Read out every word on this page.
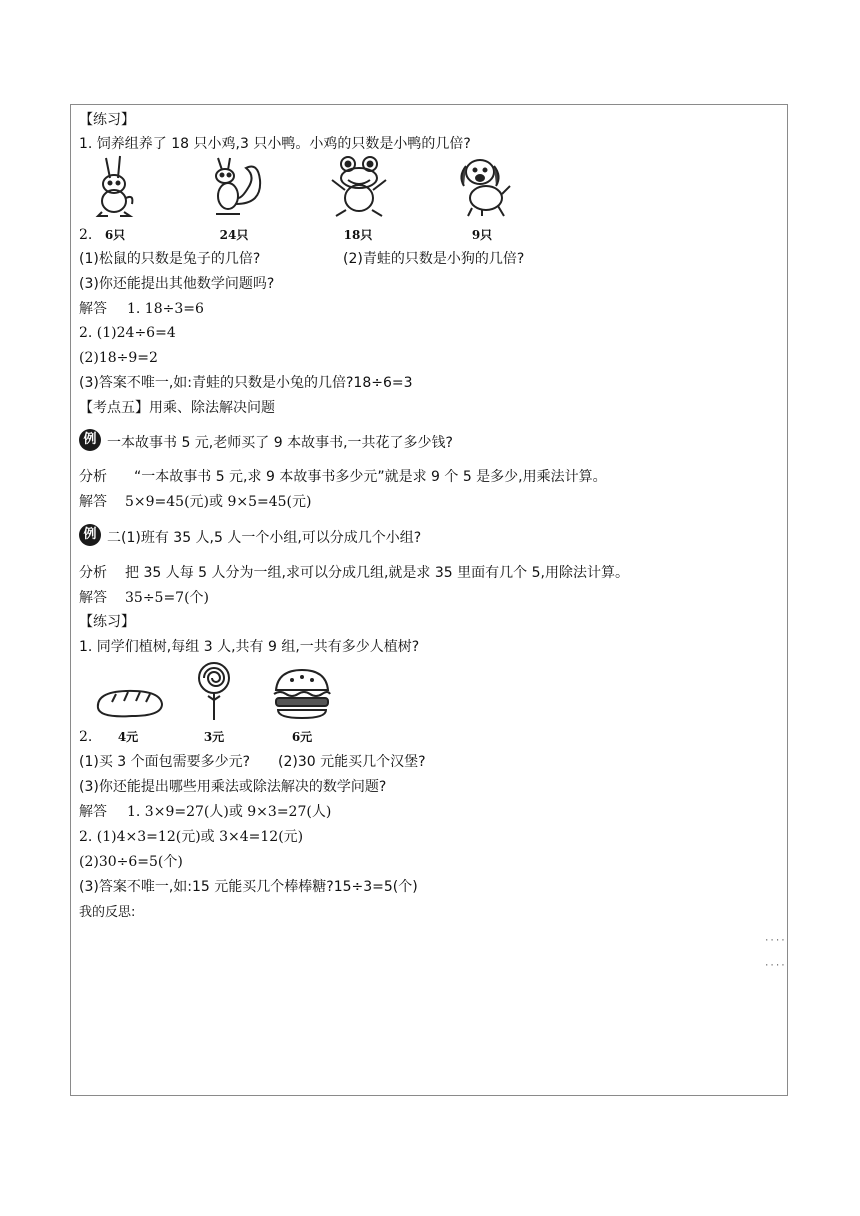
【练习】
1. 饲养组养了 18 只小鸡,3 只小鸭。小鸡的只数是小鸭的几倍?
2.	6只	24只	18只	9只
(1)松鼠的只数是兔子的几倍?	(2)青蛙的只数是小狗的几倍?
(3)你还能提出其他数学问题吗?
解答 1. 18÷3=6
2. (1)24÷6=4
(2)18÷9=2
(3)答案不唯一,如:青蛙的只数是小兔的几倍?18÷6=3
【考点五】用乘、除法解决问题
例 一本故事书 5 元,老师买了 9 本故事书,一共花了多少钱?
分析 “一本故事书 5 元,求 9 本故事书多少元”就是求 9 个 5 是多少,用乘法计算。
解答 5×9=45(元)或 9×5=45(元)
例 二(1)班有 35 人,5 人一个小组,可以分成几个小组?
分析 把 35 人每 5 人分为一组,求可以分成几组,就是求 35 里面有几个 5,用除法计算。
解答 35÷5=7(个)
【练习】
1. 同学们植树,每组 3 人,共有 9 组,一共有多少人植树?
2.	4元	3元	6元
(1)买 3 个面包需要多少元? (2)30 元能买几个汉堡?
(3)你还能提出哪些用乘法或除法解决的数学问题?
解答 1. 3×9=27(人)或 9×3=27(人)
2. (1)4×3=12(元)或 3×4=12(元)
(2)30÷6=5(个)
(3)答案不唯一,如:15 元能买几个棒棒糖?15÷3=5(个)
我的反思:
····
····
